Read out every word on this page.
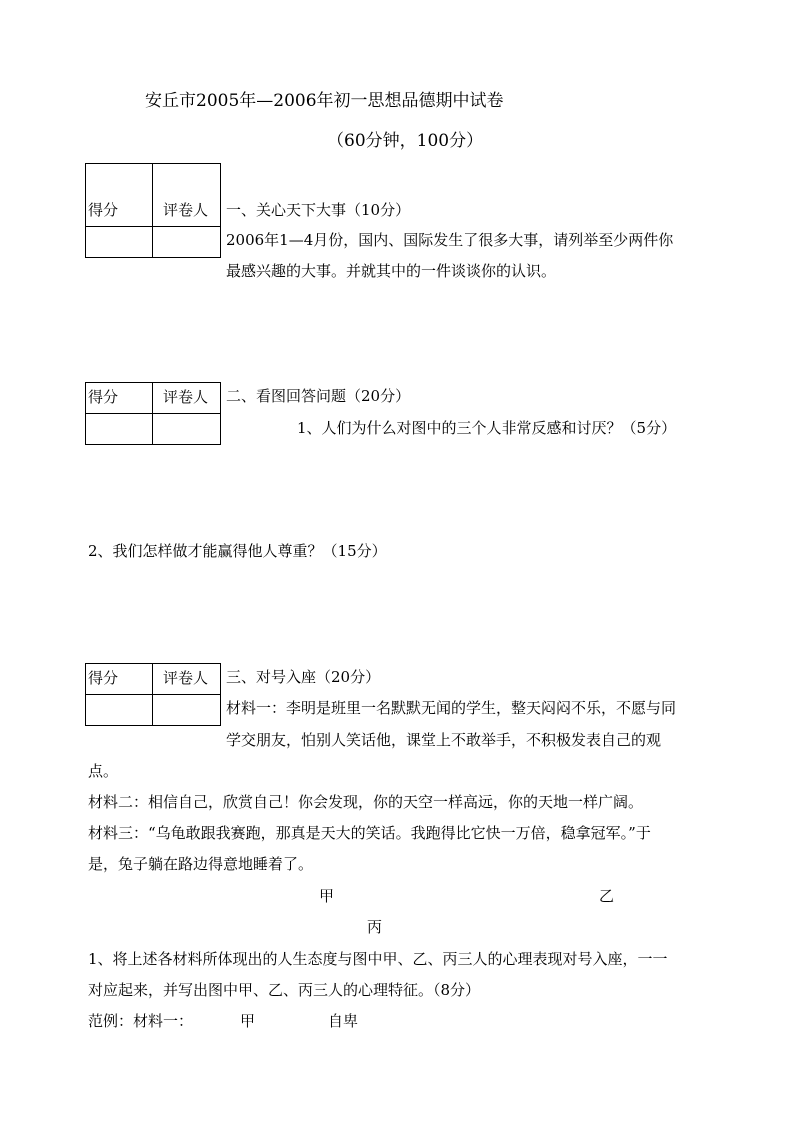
安丘市2005年—2006年初一思想品德期中试卷
（60分钟，100分）
得分	评卷人

		一、关心天下大事（10分）
2006年1—4月份，国内、国际发生了很多大事，请列举至少两件你
最感兴趣的大事。并就其中的一件谈谈你的认识。
得分	评卷人

		二、看图回答问题（20分）
1、人们为什么对图中的三个人非常反感和讨厌？（5分）
2、我们怎样做才能赢得他人尊重？（15分）
得分	评卷人

		三、对号入座（20分）
材料一：李明是班里一名默默无闻的学生，整天闷闷不乐，不愿与同
学交朋友，怕别人笑话他，课堂上不敢举手，不积极发表自己的观
点。
材料二：相信自己，欣赏自己！你会发现，你的天空一样高远，你的天地一样广阔。
材料三：“乌龟敢跟我赛跑，那真是天大的笑话。我跑得比它快一万倍，稳拿冠军。”于
是，兔子躺在路边得意地睡着了。
甲	乙
丙
1、将上述各材料所体现出的人生态度与图中甲、乙、丙三人的心理表现对号入座，一一
对应起来，并写出图中甲、乙、丙三人的心理特征。（8分）
范例：材料一：	甲	自卑
